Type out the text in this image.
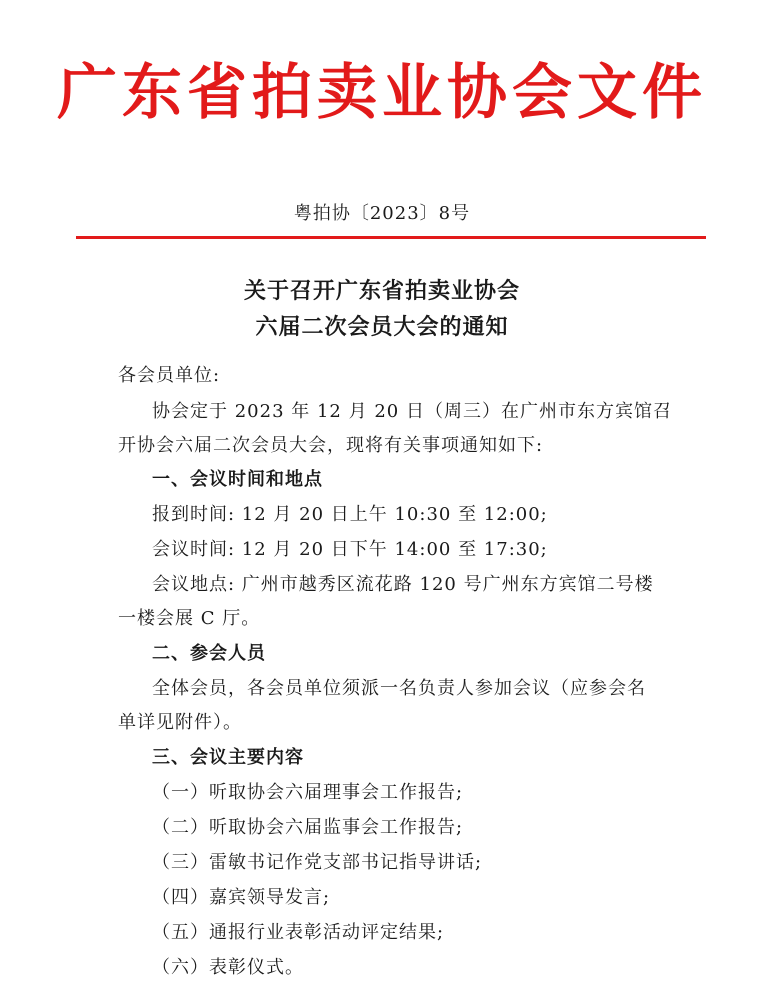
广东省拍卖业协会文件
粤拍协〔2023〕8号
关于召开广东省拍卖业协会
六届二次会员大会的通知
各会员单位:
协会定于 2023 年 12 月 20 日（周三）在广州市东方宾馆召
开协会六届二次会员大会，现将有关事项通知如下:
一、会议时间和地点
报到时间: 12 月 20 日上午 10:30 至 12:00;
会议时间: 12 月 20 日下午 14:00 至 17:30;
会议地点: 广州市越秀区流花路 120 号广州东方宾馆二号楼
一楼会展 C 厅。
二、参会人员
全体会员，各会员单位须派一名负责人参加会议（应参会名
单详见附件）。
三、会议主要内容
（一）听取协会六届理事会工作报告;
（二）听取协会六届监事会工作报告;
（三）雷敏书记作党支部书记指导讲话;
（四）嘉宾领导发言;
（五）通报行业表彰活动评定结果;
（六）表彰仪式。
